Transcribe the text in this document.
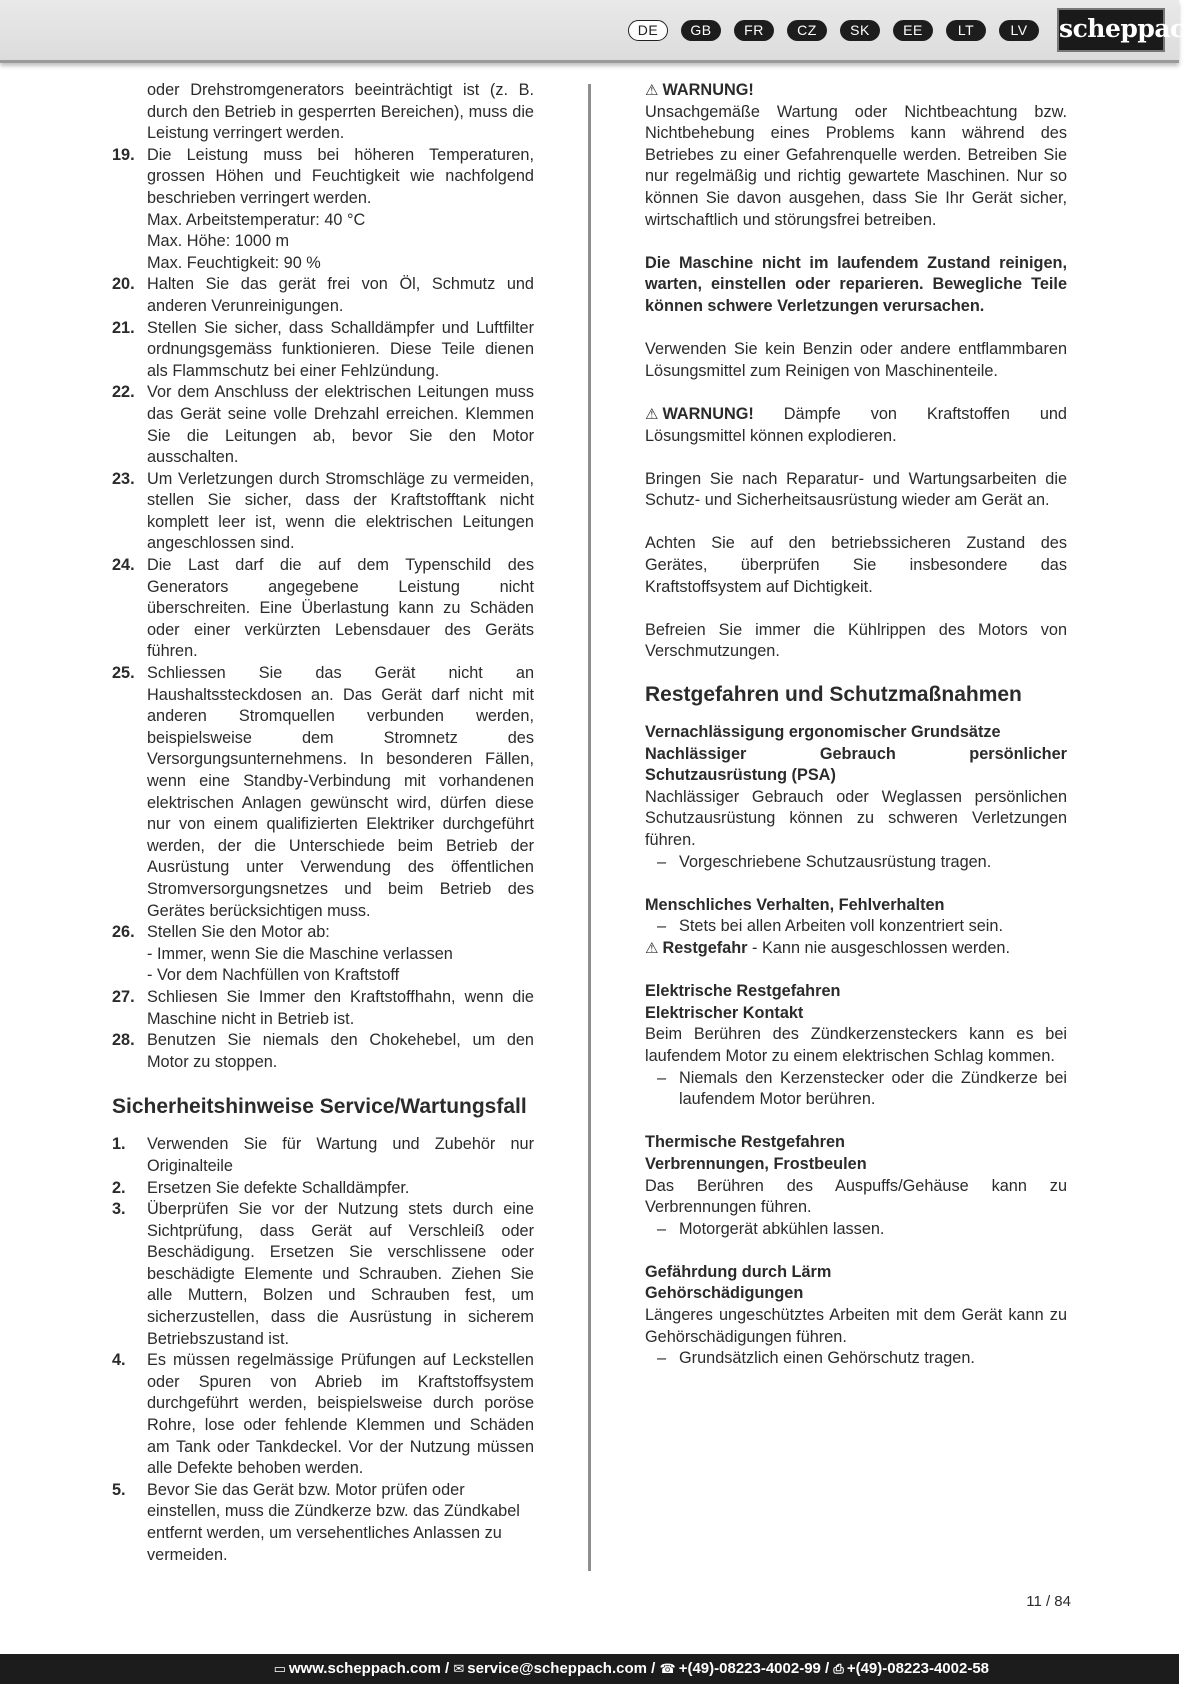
DE	GB	FR	CZ	SK	EE	LT	LV	scheppach

oder Drehstromgenerators beeinträchtigt ist (z. B. durch den Betrieb in gesperrten Bereichen), muss die Leistung verringert werden.

19. Die Leistung muss bei höheren Temperaturen, grossen Höhen und Feuchtigkeit wie nachfolgend beschrieben verringert werden.
Max. Arbeitstemperatur: 40 °C
Max. Höhe: 1000 m
Max. Feuchtigkeit: 90 %
20. Halten Sie das gerät frei von Öl, Schmutz und anderen Verunreinigungen.
21. Stellen Sie sicher, dass Schalldämpfer und Luftfilter ordnungsgemäss funktionieren. Diese Teile dienen als Flammschutz bei einer Fehlzündung.
22. Vor dem Anschluss der elektrischen Leitungen muss das Gerät seine volle Drehzahl erreichen. Klemmen Sie die Leitungen ab, bevor Sie den Motor ausschalten.
23. Um Verletzungen durch Stromschläge zu vermeiden, stellen Sie sicher, dass der Kraftstofftank nicht komplett leer ist, wenn die elektrischen Leitungen angeschlossen sind.
24. Die Last darf die auf dem Typenschild des Generators angegebene Leistung nicht überschreiten. Eine Überlastung kann zu Schäden oder einer verkürzten Lebensdauer des Geräts führen.
25. Schliessen Sie das Gerät nicht an Haushaltssteckdosen an. Das Gerät darf nicht mit anderen Stromquellen verbunden werden, beispielsweise dem Stromnetz des Versorgungsunternehmens. In besonderen Fällen, wenn eine Standby-Verbindung mit vorhandenen elektrischen Anlagen gewünscht wird, dürfen diese nur von einem qualifizierten Elektriker durchgeführt werden, der die Unterschiede beim Betrieb der Ausrüstung unter Verwendung des öffentlichen Stromversorgungsnetzes und beim Betrieb des Gerätes berücksichtigen muss.
26. Stellen Sie den Motor ab:
- Immer, wenn Sie die Maschine verlassen
- Vor dem Nachfüllen von Kraftstoff
27. Schliesen Sie Immer den Kraftstoffhahn, wenn die Maschine nicht in Betrieb ist.
28. Benutzen Sie niemals den Chokehebel, um den Motor zu stoppen.
Sicherheitshinweise Service/Wartungsfall
1.	Verwenden Sie für Wartung und Zubehör nur Originalteile
2.	Ersetzen Sie defekte Schalldämpfer.
3.	Überprüfen Sie vor der Nutzung stets durch eine Sichtprüfung, dass Gerät auf Verschleiß oder Beschädigung. Ersetzen Sie verschlissene oder beschädigte Elemente und Schrauben. Ziehen Sie alle Muttern, Bolzen und Schrauben fest, um sicherzustellen, dass die Ausrüstung in sicherem Betriebszustand ist.
4.	Es müssen regelmässige Prüfungen auf Leckstellen oder Spuren von Abrieb im Kraftstoffsystem durchgeführt werden, beispielsweise durch poröse Rohre, lose oder fehlende Klemmen und Schäden am Tank oder Tankdeckel. Vor der Nutzung müssen alle Defekte behoben werden.
5.	Bevor Sie das Gerät bzw. Motor prüfen oder einstellen, muss die Zündkerze bzw. das Zündkabel entfernt werden, um versehentliches Anlassen zu vermeiden.

⚠ WARNUNG!

Unsachgemäße Wartung oder Nichtbeachtung bzw. Nichtbehebung eines Problems kann während des Betriebes zu einer Gefahrenquelle werden. Betreiben Sie nur regelmäßig und richtig gewartete Maschinen. Nur so können Sie davon ausgehen, dass Sie Ihr Gerät sicher, wirtschaftlich und störungsfrei betreiben.

Die Maschine nicht im laufendem Zustand reinigen, warten, einstellen oder reparieren. Bewegliche Teile können schwere Verletzungen verursachen.

Verwenden Sie kein Benzin oder andere entflammbaren Lösungsmittel zum Reinigen von Maschinenteile.

⚠ WARNUNG! Dämpfe von Kraftstoffen und Lösungsmittel können explodieren.

Bringen Sie nach Reparatur- und Wartungsarbeiten die Schutz- und Sicherheitsausrüstung wieder am Gerät an.

Achten Sie auf den betriebssicheren Zustand des Gerätes, überprüfen Sie insbesondere das Kraftstoffsystem auf Dichtigkeit.

Befreien Sie immer die Kühlrippen des Motors von Verschmutzungen.

Restgefahren und Schutzmaßnahmen

Vernachlässigung ergonomischer Grundsätze

Nachlässiger Gebrauch persönlicher Schutzausrüstung (PSA)

Nachlässiger Gebrauch oder Weglassen persönlichen Schutzausrüstung können zu schweren Verletzungen führen.

– Vorgeschriebene Schutzausrüstung tragen.

Menschliches Verhalten, Fehlverhalten

– Stets bei allen Arbeiten voll konzentriert sein.

⚠ Restgefahr - Kann nie ausgeschlossen werden.

Elektrische Restgefahren

Elektrischer Kontakt

Beim Berühren des Zündkerzensteckers kann es bei laufendem Motor zu einem elektrischen Schlag kommen.

– Niemals den Kerzenstecker oder die Zündkerze bei laufendem Motor berühren.

Thermische Restgefahren

Verbrennungen, Frostbeulen

Das Berühren des Auspuffs/Gehäuse kann zu Verbrennungen führen.

– Motorgerät abkühlen lassen.

Gefährdung durch Lärm

Gehörschädigungen

Längeres ungeschütztes Arbeiten mit dem Gerät kann zu Gehörschädigungen führen.

– Grundsätzlich einen Gehörschutz tragen.
11 / 84
▭ www.scheppach.com / ✉ service@scheppach.com / ☎ +(49)-08223-4002-99 / ⎙ +(49)-08223-4002-58
